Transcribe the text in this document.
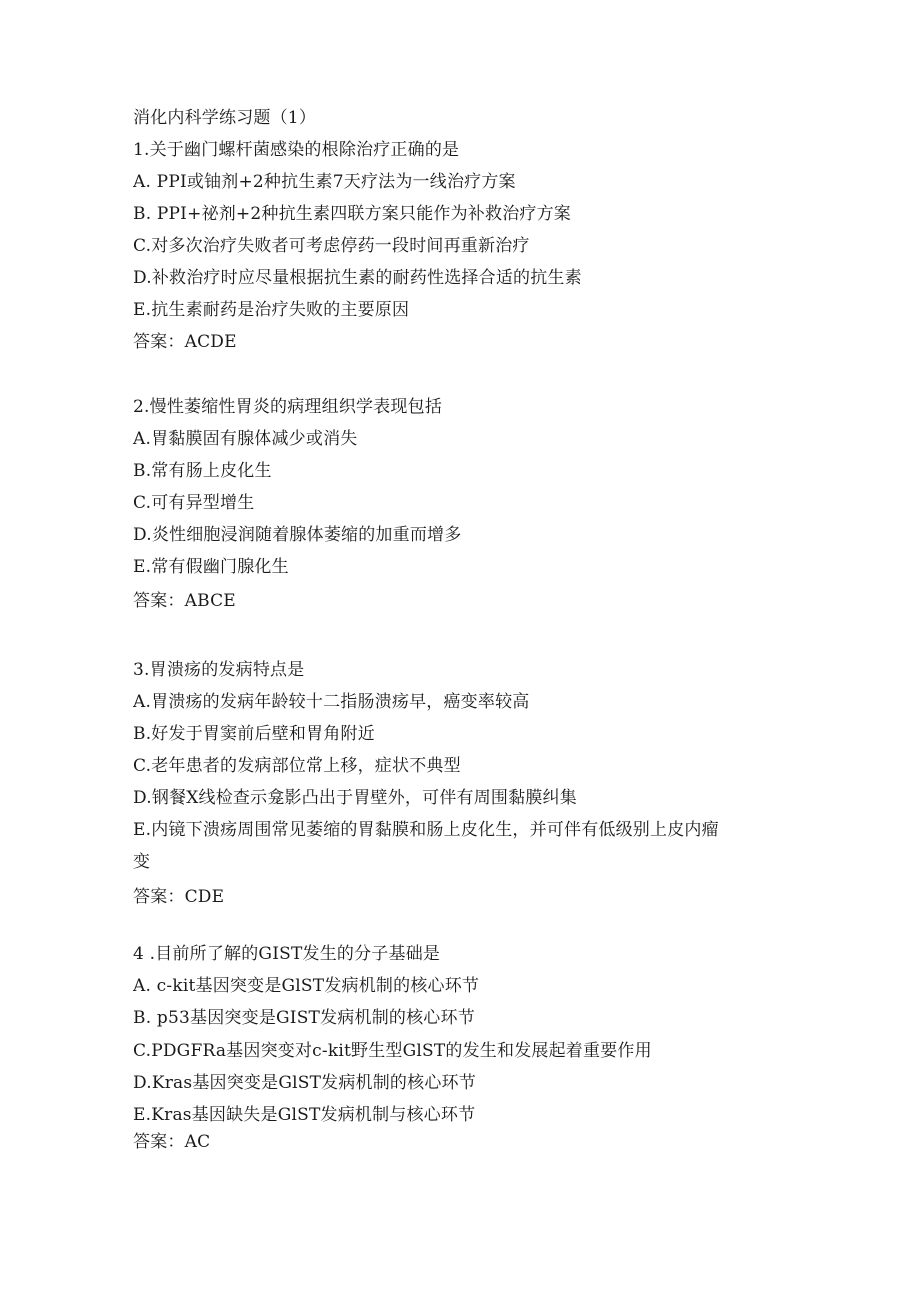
消化内科学练习题（1）
1.关于幽门螺杆菌感染的根除治疗正确的是
A. PPI或铀剂+2种抗生素7天疗法为一线治疗方案
B. PPI+祕剂+2种抗生素四联方案只能作为补救治疗方案
C.对多次治疗失败者可考虑停药一段时间再重新治疗
D.补救治疗时应尽量根据抗生素的耐药性选择合适的抗生素
E.抗生素耐药是治疗失败的主要原因
答案：ACDE
2.慢性萎缩性胃炎的病理组织学表现包括
A.胃黏膜固有腺体减少或消失
B.常有肠上皮化生
C.可有异型增生
D.炎性细胞浸润随着腺体萎缩的加重而增多
E.常有假幽门腺化生
答案：ABCE
3.胃溃疡的发病特点是
A.胃溃疡的发病年龄较十二指肠溃疡早，癌变率较高
B.好发于胃窦前后壁和胃角附近
C.老年患者的发病部位常上移，症状不典型
D.钢餐X线检查示龛影凸出于胃壁外，可伴有周围黏膜纠集
E.内镜下溃疡周围常见萎缩的胃黏膜和肠上皮化生，并可伴有低级别上皮内瘤
变
答案：CDE
4 .目前所了解的GIST发生的分子基础是
A. c-kit基因突变是GlST发病机制的核心环节
B. p53基因突变是GIST发病机制的核心环节
C.PDGFRa基因突变对c-kit野生型GlST的发生和发展起着重要作用
D.Kras基因突变是GlST发病机制的核心环节
E.Kras基因缺失是GlST发病机制与核心环节
答案：AC
